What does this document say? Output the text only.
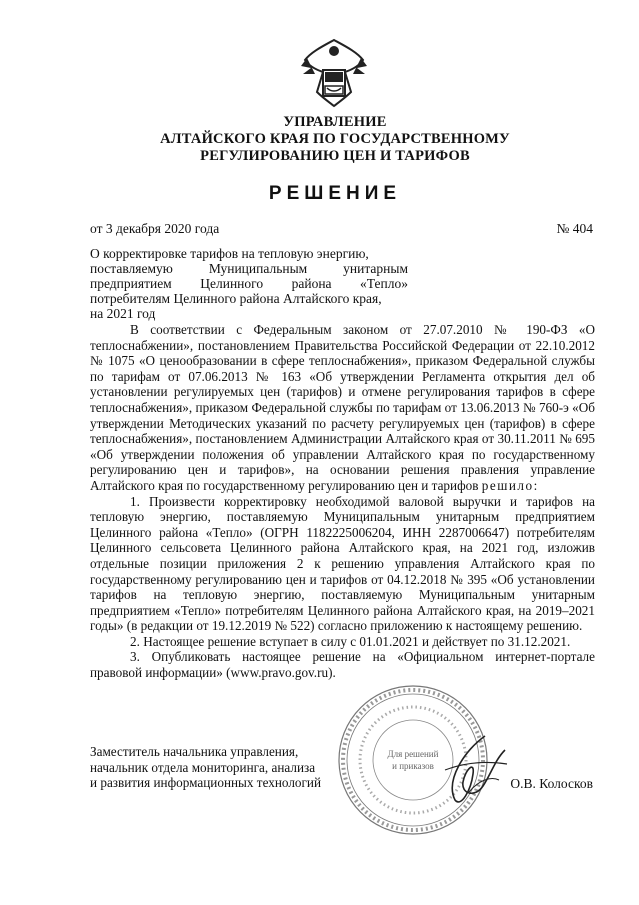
УПРАВЛЕНИЕ
АЛТАЙСКОГО КРАЯ ПО ГОСУДАРСТВЕННОМУ
РЕГУЛИРОВАНИЮ ЦЕН И ТАРИФОВ
РЕШЕНИЕ
от 3 декабря 2020 года	№ 404
О корректировке тарифов на тепловую энергию,
поставляемую Муниципальным унитарным
предприятием Целинного района «Тепло»
потребителям Целинного района Алтайского края,
на 2021 год

В соответствии с Федеральным законом от 27.07.2010 № 190-ФЗ «О теплоснабжении», постановлением Правительства Российской Федерации от 22.10.2012 № 1075 «О ценообразовании в сфере теплоснабжения», приказом Федеральной службы по тарифам от 07.06.2013 № 163 «Об утверждении Регламента открытия дел об установлении регулируемых цен (тарифов) и отмене регулирования тарифов в сфере теплоснабжения», приказом Федеральной службы по тарифам от 13.06.2013 № 760-э «Об утверждении Методических указаний по расчету регулируемых цен (тарифов) в сфере теплоснабжения», постановлением Администрации Алтайского края от 30.11.2011 № 695 «Об утверждении положения об управлении Алтайского края по государственному регулированию цен и тарифов», на основании решения правления управление Алтайского края по государственному регулированию цен и тарифов решило:

1. Произвести корректировку необходимой валовой выручки и тарифов на тепловую энергию, поставляемую Муниципальным унитарным предприятием Целинного района «Тепло» (ОГРН 1182225006204, ИНН 2287006647) потребителям Целинного сельсовета Целинного района Алтайского края, на 2021 год, изложив отдельные позиции приложения 2 к решению управления Алтайского края по государственному регулированию цен и тарифов от 04.12.2018 № 395 «Об установлении тарифов на тепловую энергию, поставляемую Муниципальным унитарным предприятием «Тепло» потребителям Целинного района Алтайского края, на 2019–2021 годы» (в редакции от 19.12.2019 № 522) согласно приложению к настоящему решению.

2. Настоящее решение вступает в силу с 01.01.2021 и действует по 31.12.2021.

3. Опубликовать настоящее решение на «Официальном интернет-портале правовой информации» (www.pravo.gov.ru).

Заместитель начальника управления,
начальник отдела мониторинга, анализа
и развития информационных технологий
Для решений
и приказов
О.В. Колосков
